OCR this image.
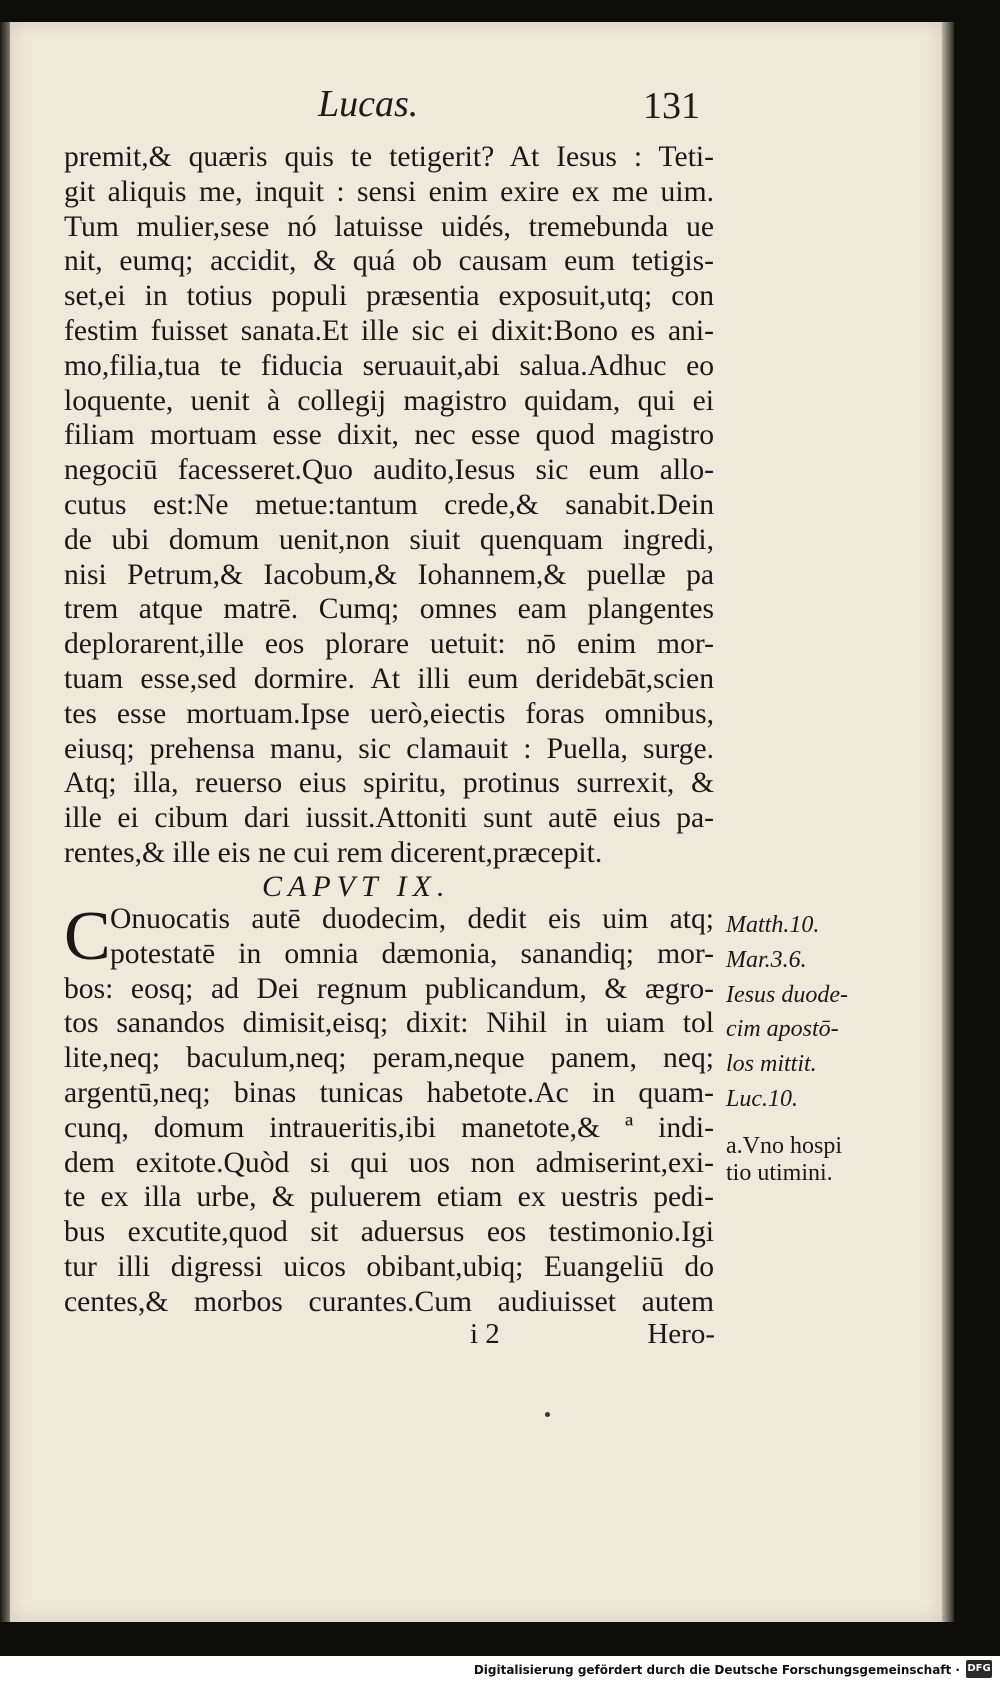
Lucas.	131
premit,& quæris quis te tetigerit? At Iesus : Teti-
git aliquis me, inquit : sensi enim exire ex me uim.
Tum mulier,sese nó latuisse uidés, tremebunda ue
nit, eumq; accidit, & quá ob causam eum tetigis-
set,ei in totius populi præsentia exposuit,utq; con
festim fuisset sanata.Et ille sic ei dixit:Bono es ani-
mo,filia,tua te fiducia seruauit,abi salua.Adhuc eo
loquente, uenit à collegij magistro quidam, qui ei
filiam mortuam esse dixit, nec esse quod magistro
negociū facesseret.Quo audito,Iesus sic eum allo-
cutus est:Ne metue:tantum crede,& sanabit.Dein
de ubi domum uenit,non siuit quenquam ingredi,
nisi Petrum,& Iacobum,& Iohannem,& puellæ pa
trem atque matrē. Cumq; omnes eam plangentes
deplorarent,ille eos plorare uetuit: nō enim mor-
tuam esse,sed dormire. At illi eum deridebāt,scien
tes esse mortuam.Ipse uerò,eiectis foras omnibus,
eiusq; prehensa manu, sic clamauit : Puella, surge.
Atq; illa, reuerso eius spiritu, protinus surrexit, &
ille ei cibum dari iussit.Attoniti sunt autē eius pa-
rentes,& ille eis ne cui rem dicerent,præcepit.
CAPVT IX.
C Onuocatis autē duodecim, dedit eis uim atq;
potestatē in omnia dæmonia, sanandiq; mor-
bos: eosq; ad Dei regnum publicandum, & ægro-
tos sanandos dimisit,eisq; dixit: Nihil in uiam tol
lite,neq; baculum,neq; peram,neque panem, neq;
argentū,neq; binas tunicas habetote.Ac in quam-
cunq, domum intraueritis,ibi manetote,& ª indi-
dem exitote.Quòd si qui uos non admiserint,exi-
te ex illa urbe, & puluerem etiam ex uestris pedi-
bus excutite,quod sit aduersus eos testimonio.Igi
tur illi digressi uicos obibant,ubiq; Euangeliū do
centes,& morbos curantes.Cum audiuisset autem
Matth.10.
Mar.3.6.
Iesus duode-
cim apostō-
los mittit.
Luc.10.
a.Vno hospi
tio utimini.
i 2	Hero-
Digitalisierung gefördert durch die Deutsche Forschungsgemeinschaft · DFG
